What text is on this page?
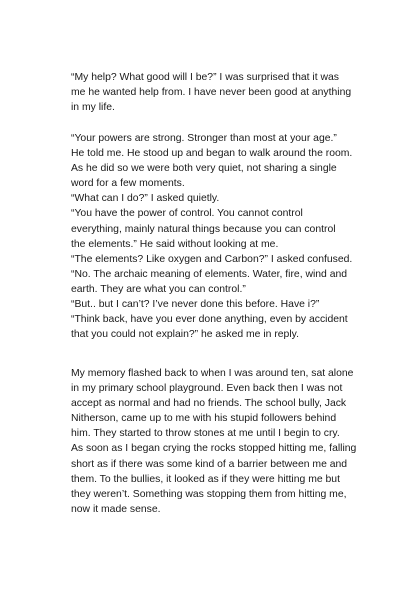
“My help? What good will I be?” I was surprised that it was
me he wanted help from. I have never been good at anything
in my life.
“Your powers are strong. Stronger than most at your age.”
He told me. He stood up and began to walk around the room.
As he did so we were both very quiet, not sharing a single
word for a few moments.
“What can I do?” I asked quietly.
“You have the power of control. You cannot control
everything, mainly natural things because you can control
the elements.” He said without looking at me.
“The elements? Like oxygen and Carbon?” I asked confused.
“No. The archaic meaning of elements. Water, fire, wind and
earth. They are what you can control.”
“But.. but I can’t? I’ve never done this before. Have i?”
“Think back, have you ever done anything, even by accident
that you could not explain?” he asked me in reply.
My memory flashed back to when I was around ten, sat alone
in my primary school playground. Even back then I was not
accept as normal and had no friends. The school bully, Jack
Nitherson, came up to me with his stupid followers behind
him. They started to throw stones at me until I begin to cry.
As soon as I began crying the rocks stopped hitting me, falling
short as if there was some kind of a barrier between me and
them. To the bullies, it looked as if they were hitting me but
they weren’t. Something was stopping them from hitting me,
now it made sense.
